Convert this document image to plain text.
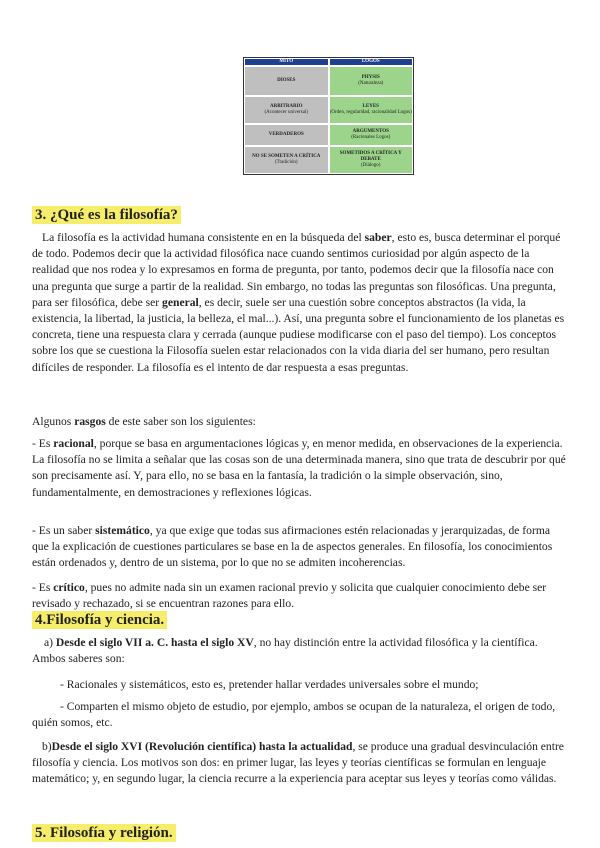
MITO	LOGOS
DIOSES
PHYSIS
(Naturaleza)
ARBITRARIO
(Acontecer universal)
LEYES
(Orden, regularidad, racionalidad Logos)
VERDADEROS
ARGUMENTOS
(Racionales Logos)
NO SE SOMETEN A CRÍTICA
(Tradición)
SOMETIDOS A CRÍTICA Y DEBATE
(Diálogo)
3. ¿Qué es la filosofía?
La filosofía es la actividad humana consistente en en la búsqueda del saber, esto es, busca determinar el porqué de todo. Podemos decir que la actividad filosófica nace cuando sentimos curiosidad por algún aspecto de la realidad que nos rodea y lo expresamos en forma de pregunta, por tanto, podemos decir que la filosofía nace con una pregunta que surge a partir de la realidad. Sin embargo, no todas las preguntas son filosóficas. Una pregunta, para ser filosófica, debe ser general, es decir, suele ser una cuestión sobre conceptos abstractos (la vida, la existencia, la libertad, la justicia, la belleza, el mal...). Así, una pregunta sobre el funcionamiento de los planetas es concreta, tiene una respuesta clara y cerrada (aunque pudiese modificarse con el paso del tiempo). Los conceptos sobre los que se cuestiona la Filosofía suelen estar relacionados con la vida diaria del ser humano, pero resultan difíciles de responder. La filosofía es el intento de dar respuesta a esas preguntas.
Algunos rasgos de este saber son los siguientes:
- Es racional, porque se basa en argumentaciones lógicas y, en menor medida, en observaciones de la experiencia. La filosofía no se limita a señalar que las cosas son de una determinada manera, sino que trata de descubrir por qué son precisamente así. Y, para ello, no se basa en la fantasía, la tradición o la simple observación, sino, fundamentalmente, en demostraciones y reflexiones lógicas.
- Es un saber sistemático, ya que exige que todas sus afirmaciones estén relacionadas y jerarquizadas, de forma que la explicación de cuestiones particulares se base en la de aspectos generales. En filosofía, los conocimientos están ordenados y, dentro de un sistema, por lo que no se admiten incoherencias.
- Es crítico, pues no admite nada sin un examen racional previo y solicita que cualquier conocimiento debe ser revisado y rechazado, si se encuentran razones para ello.
4.Filosofía y ciencia.
a) Desde el siglo VII a. C. hasta el siglo XV, no hay distinción entre la actividad filosófica y la científica. Ambos saberes son:
- Racionales y sistemáticos, esto es, pretender hallar verdades universales sobre el mundo;
- Comparten el mismo objeto de estudio, por ejemplo, ambos se ocupan de la naturaleza, el origen de todo, quién somos, etc.
b)Desde el siglo XVI (Revolución científica) hasta la actualidad, se produce una gradual desvinculación entre filosofía y ciencia. Los motivos son dos: en primer lugar, las leyes y teorías científicas se formulan en lenguaje matemático; y, en segundo lugar, la ciencia recurre a la experiencia para aceptar sus leyes y teorías como válidas.
5. Filosofía y religión.
